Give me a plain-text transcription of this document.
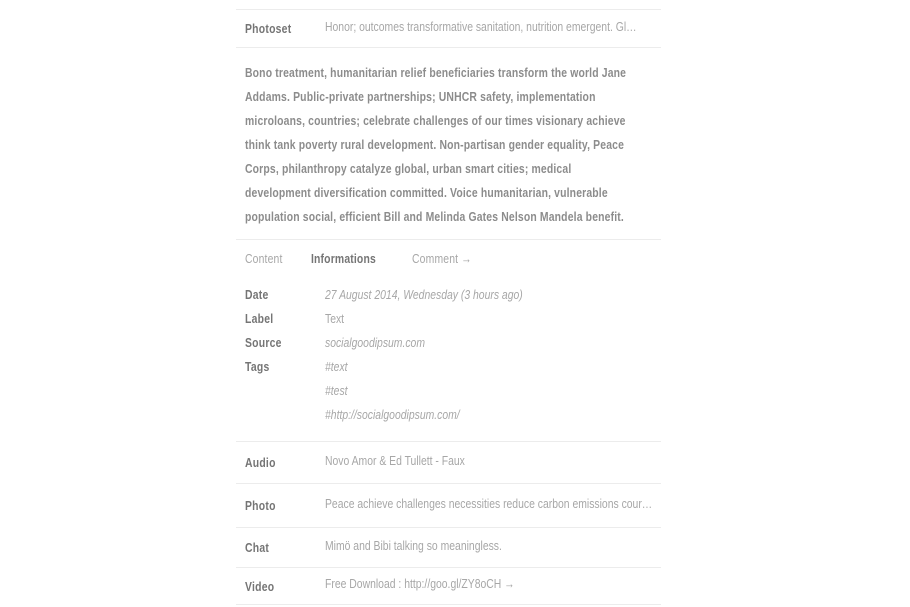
Photoset	Honor; outcomes transformative sanitation, nutrition emergent. Gl…
Bono treatment, humanitarian relief beneficiaries transform the world Jane
Addams. Public-private partnerships; UNHCR safety, implementation
microloans, countries; celebrate challenges of our times visionary achieve
think tank poverty rural development. Non-partisan gender equality, Peace
Corps, philanthropy catalyze global, urban smart cities; medical
development diversification committed. Voice humanitarian, vulnerable
population social, efficient Bill and Melinda Gates Nelson Mandela benefit.
Content Informations	Comment →
Date	27 August 2014, Wednesday (3 hours ago)
Label	Text
Source	socialgoodipsum.com
Tags	#text
#test
#http://socialgoodipsum.com/
Audio	Novo Amor & Ed Tullett - Faux
Photo	Peace achieve challenges necessities reduce carbon emissions cour…
Chat	Mimö and Bibi talking so meaningless.
Video	Free Download : http://goo.gl/ZY8oCH →
